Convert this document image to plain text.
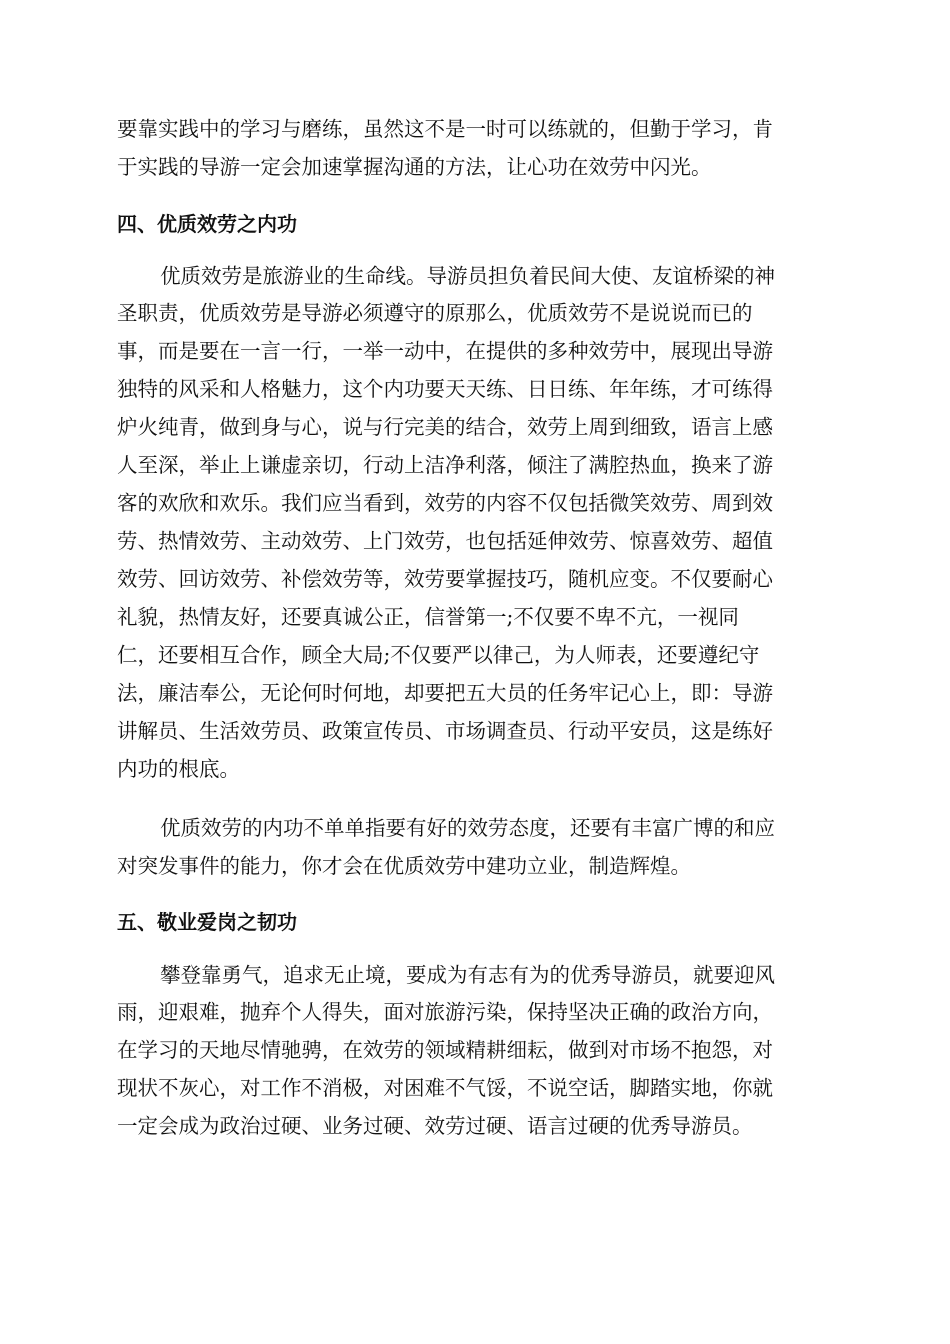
要靠实践中的学习与磨练，虽然这不是一时可以练就的，但勤于学习，肯

于实践的导游一定会加速掌握沟通的方法，让心功在效劳中闪光。

四、优质效劳之内功

优质效劳是旅游业的生命线。导游员担负着民间大使、友谊桥梁的神

圣职责，优质效劳是导游必须遵守的原那么，优质效劳不是说说而已的

事，而是要在一言一行，一举一动中，在提供的多种效劳中，展现出导游

独特的风采和人格魅力，这个内功要天天练、日日练、年年练，才可练得

炉火纯青，做到身与心，说与行完美的结合，效劳上周到细致，语言上感

人至深，举止上谦虚亲切，行动上洁净利落，倾注了满腔热血，换来了游

客的欢欣和欢乐。我们应当看到，效劳的内容不仅包括微笑效劳、周到效

劳、热情效劳、主动效劳、上门效劳，也包括延伸效劳、惊喜效劳、超值

效劳、回访效劳、补偿效劳等，效劳要掌握技巧，随机应变。不仅要耐心

礼貌，热情友好，还要真诚公正，信誉第一;不仅要不卑不亢，一视同

仁，还要相互合作，顾全大局;不仅要严以律己，为人师表，还要遵纪守

法，廉洁奉公，无论何时何地，却要把五大员的任务牢记心上，即：导游

讲解员、生活效劳员、政策宣传员、市场调查员、行动平安员，这是练好

内功的根底。

优质效劳的内功不单单指要有好的效劳态度，还要有丰富广博的和应

对突发事件的能力，你才会在优质效劳中建功立业，制造辉煌。

五、敬业爱岗之韧功

攀登靠勇气，追求无止境，要成为有志有为的优秀导游员，就要迎风

雨，迎艰难，抛弃个人得失，面对旅游污染，保持坚决正确的政治方向，

在学习的天地尽情驰骋，在效劳的领域精耕细耘，做到对市场不抱怨，对

现状不灰心，对工作不消极，对困难不气馁，不说空话，脚踏实地，你就

一定会成为政治过硬、业务过硬、效劳过硬、语言过硬的优秀导游员。
